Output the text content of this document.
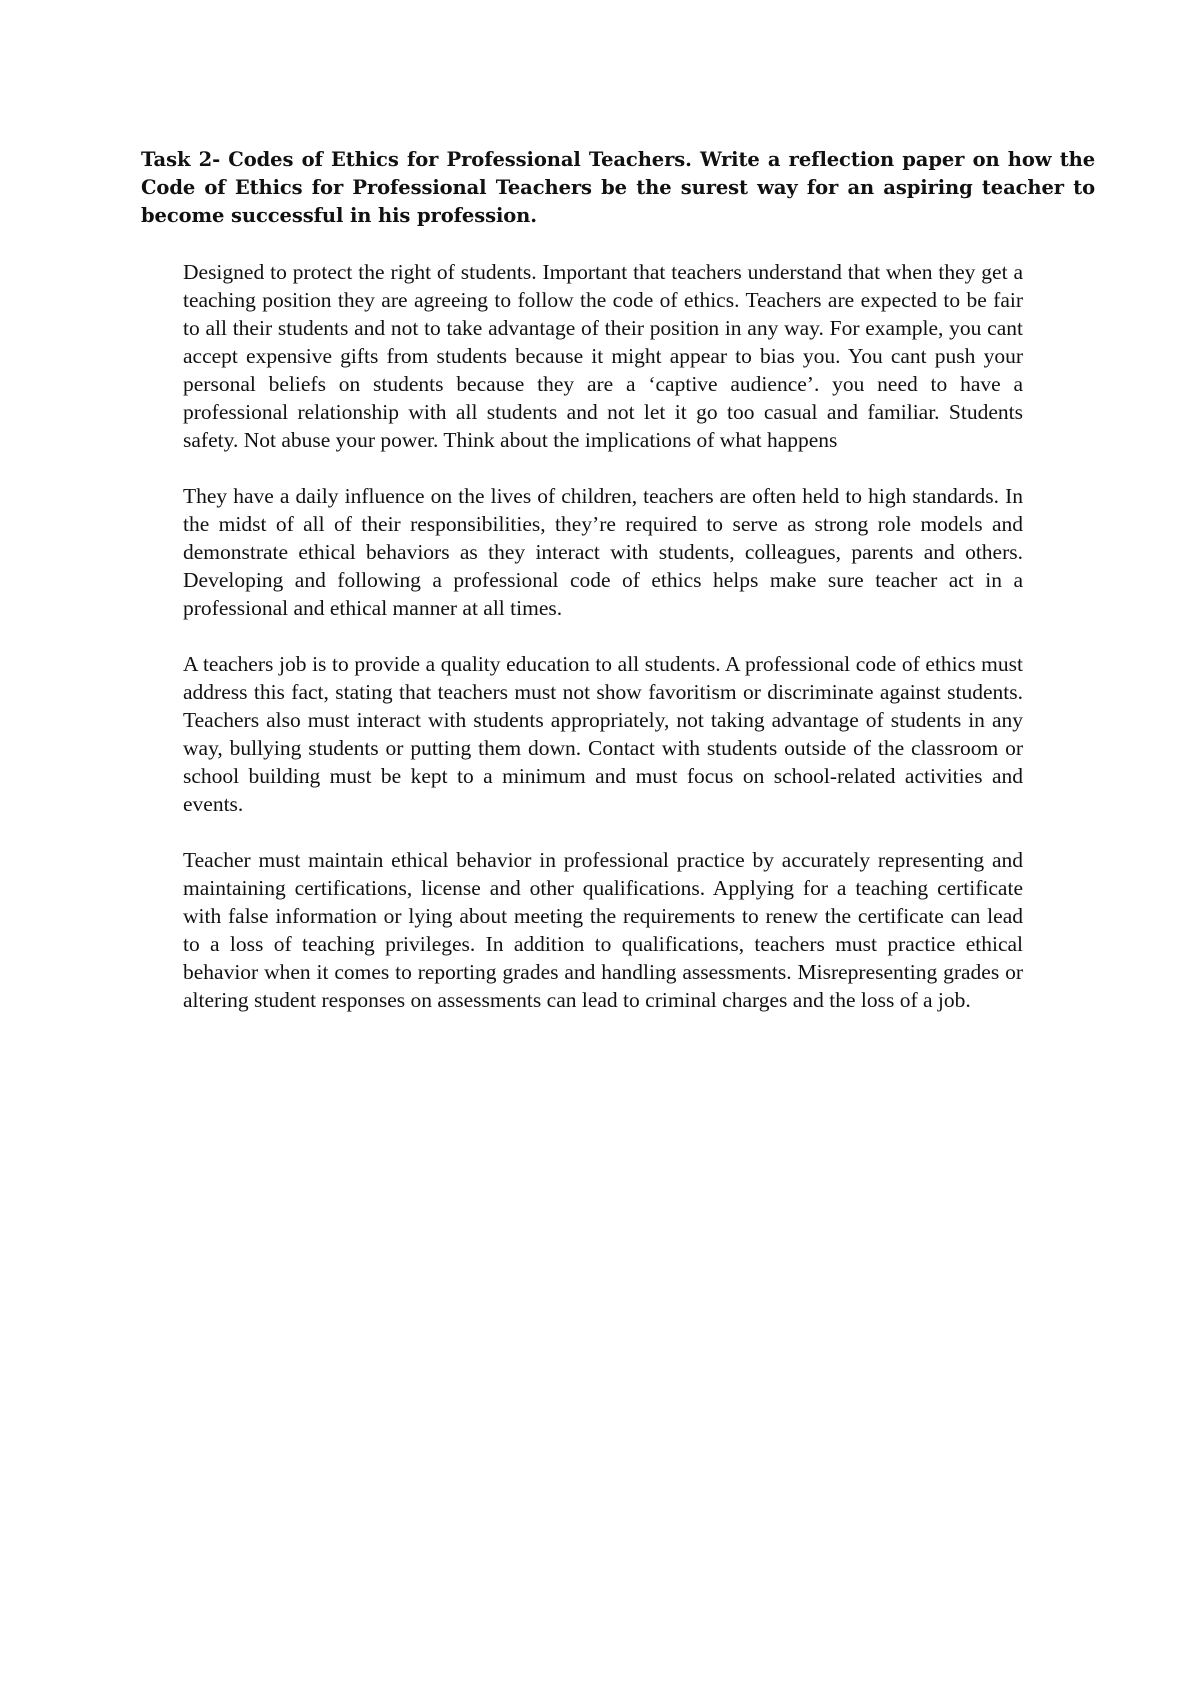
Task 2- Codes of Ethics for Professional Teachers. Write a reflection paper on how the Code of Ethics for Professional Teachers be the surest way for an aspiring teacher to become successful in his profession.

Designed to protect the right of students. Important that teachers understand that when they get a teaching position they are agreeing to follow the code of ethics. Teachers are expected to be fair to all their students and not to take advantage of their position in any way. For example, you cant accept expensive gifts from students because it might appear to bias you. You cant push your personal beliefs on students because they are a ‘captive audience’. you need to have a professional relationship with all students and not let it go too casual and familiar. Students safety. Not abuse your power. Think about the implications of what happens

They have a daily influence on the lives of children, teachers are often held to high standards. In the midst of all of their responsibilities, they’re required to serve as strong role models and demonstrate ethical behaviors as they interact with students, colleagues, parents and others. Developing and following a professional code of ethics helps make sure teacher act in a professional and ethical manner at all times.

A teachers job is to provide a quality education to all students. A professional code of ethics must address this fact, stating that teachers must not show favoritism or discriminate against students. Teachers also must interact with students appropriately, not taking advantage of students in any way, bullying students or putting them down. Contact with students outside of the classroom or school building must be kept to a minimum and must focus on school-related activities and events.

Teacher must maintain ethical behavior in professional practice by accurately representing and maintaining certifications, license and other qualifications. Applying for a teaching certificate with false information or lying about meeting the requirements to renew the certificate can lead to a loss of teaching privileges. In addition to qualifications, teachers must practice ethical behavior when it comes to reporting grades and handling assessments. Misrepresenting grades or altering student responses on assessments can lead to criminal charges and the loss of a job.
